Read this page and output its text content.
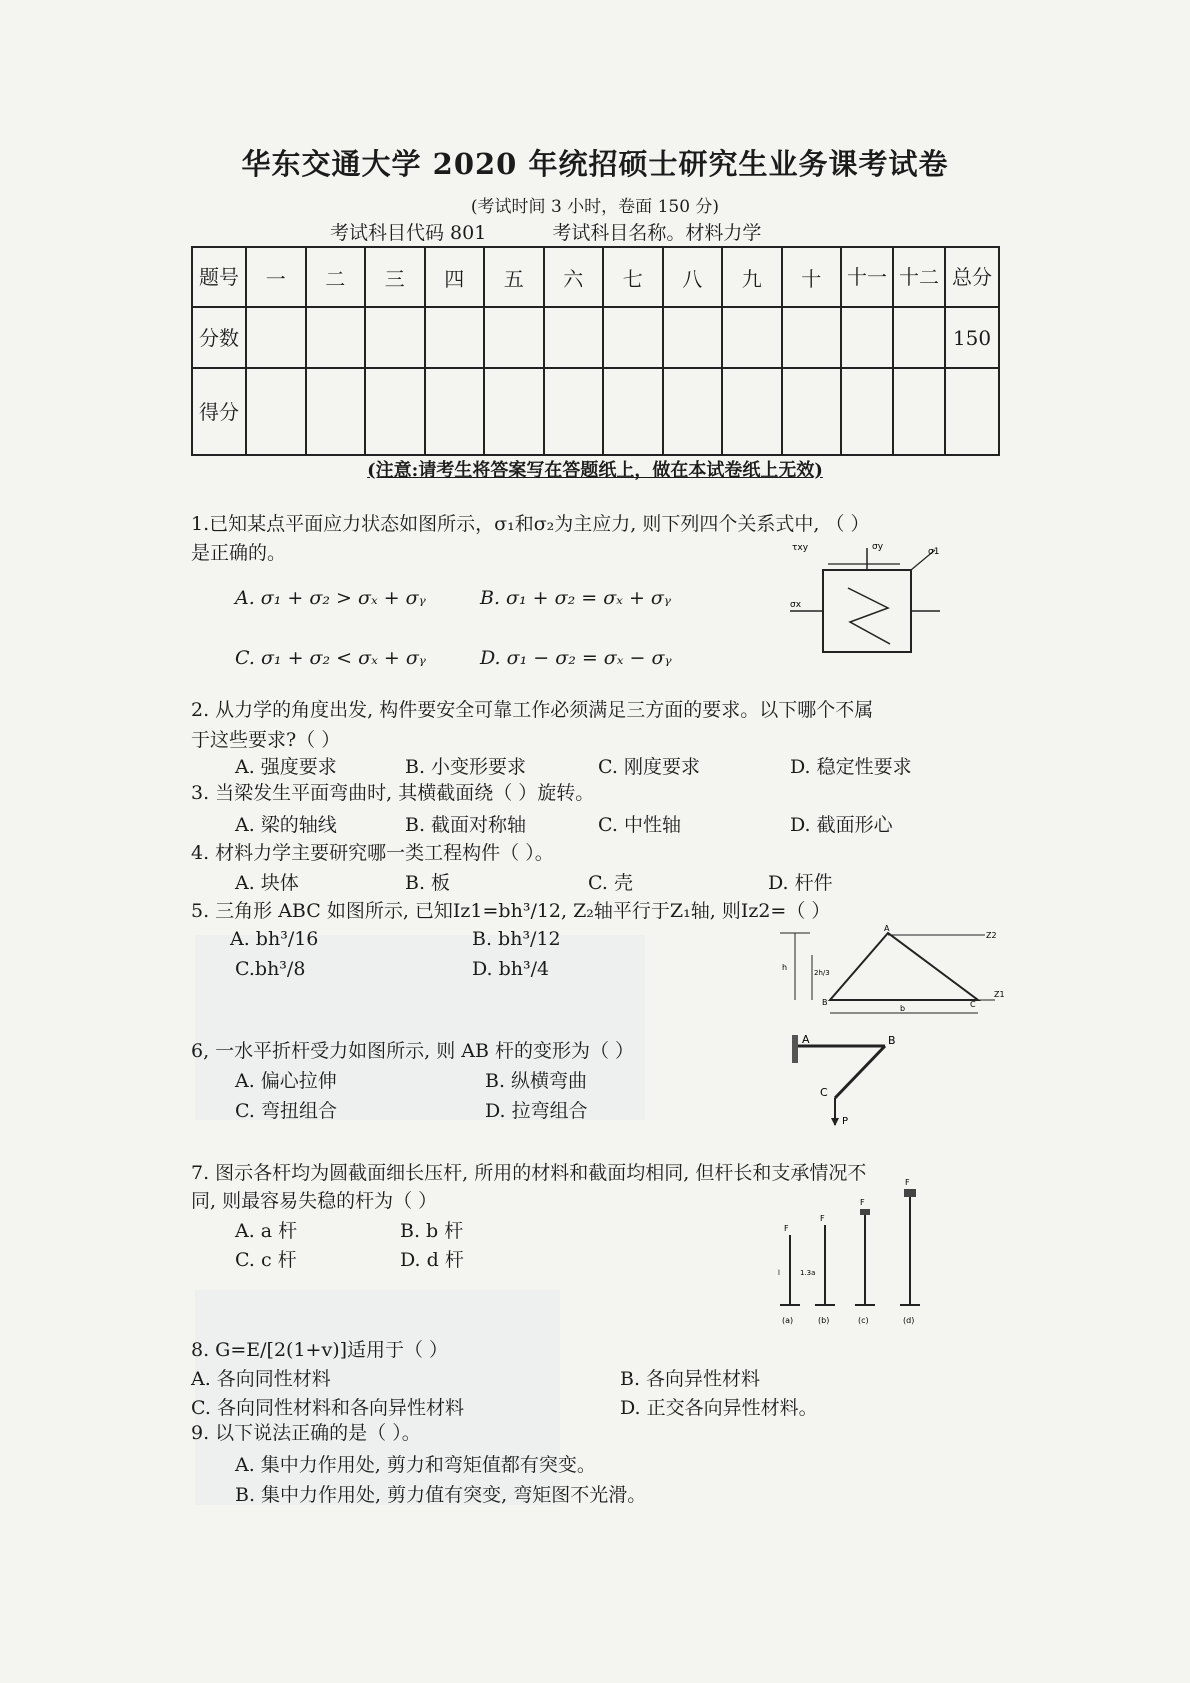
华东交通大学 2020 年统招硕士研究生业务课考试卷
(考试时间 3 小时，卷面 150 分)
考试科目代码 801	考试科目名称。材料力学
题号	一	二	三	四	五	六	七	八	九	十	十一	十二	总分
分数													150
得分													
(注意:请考生将答案写在答题纸上，做在本试卷纸上无效)
1.已知某点平面应力状态如图所示，σ₁和σ₂为主应力, 则下列四个关系式中, （ ）
是正确的。
A. σ₁ + σ₂ > σₓ + σᵧ	B. σ₁ + σ₂ = σₓ + σᵧ
C. σ₁ + σ₂ < σₓ + σᵧ	D. σ₁ − σ₂ = σₓ − σᵧ
τxy	σy	σ1
σx
2. 从力学的角度出发, 构件要安全可靠工作必须满足三方面的要求。以下哪个不属
于这些要求?（ ）
A. 强度要求	B. 小变形要求	C. 刚度要求	D. 稳定性要求
3. 当梁发生平面弯曲时, 其横截面绕（ ）旋转。
A. 梁的轴线	B. 截面对称轴	C. 中性轴	D. 截面形心
4. 材料力学主要研究哪一类工程构件（ ）。
A. 块体	B. 板	C. 壳	D. 杆件
5. 三角形 ABC 如图所示, 已知Iz1=bh³/12, Z₂轴平行于Z₁轴, 则Iz2=（ ）
A. bh³/16	B. bh³/12
C.bh³/8	D. bh³/4
A
Z2
h
2h/3
b
B	C
Z1
6, 一水平折杆受力如图所示, 则 AB 杆的变形为（ ）
A. 偏心拉伸	B. 纵横弯曲
C. 弯扭组合	D. 拉弯组合
A	B
C
P
7. 图示各杆均为圆截面细长压杆, 所用的材料和截面均相同, 但杆长和支承情况不
同, 则最容易失稳的杆为（ ）
A. a 杆	B. b 杆
C. c 杆	D. d 杆
F
F
F
F
l	1.3a
(a)	(b)	(c)	(d)
8. G=E/[2(1+v)]适用于（ ）
A. 各向同性材料	B. 各向异性材料
C. 各向同性材料和各向异性材料	D. 正交各向异性材料。
9. 以下说法正确的是（ ）。
A. 集中力作用处, 剪力和弯矩值都有突变。
B. 集中力作用处, 剪力值有突变, 弯矩图不光滑。
